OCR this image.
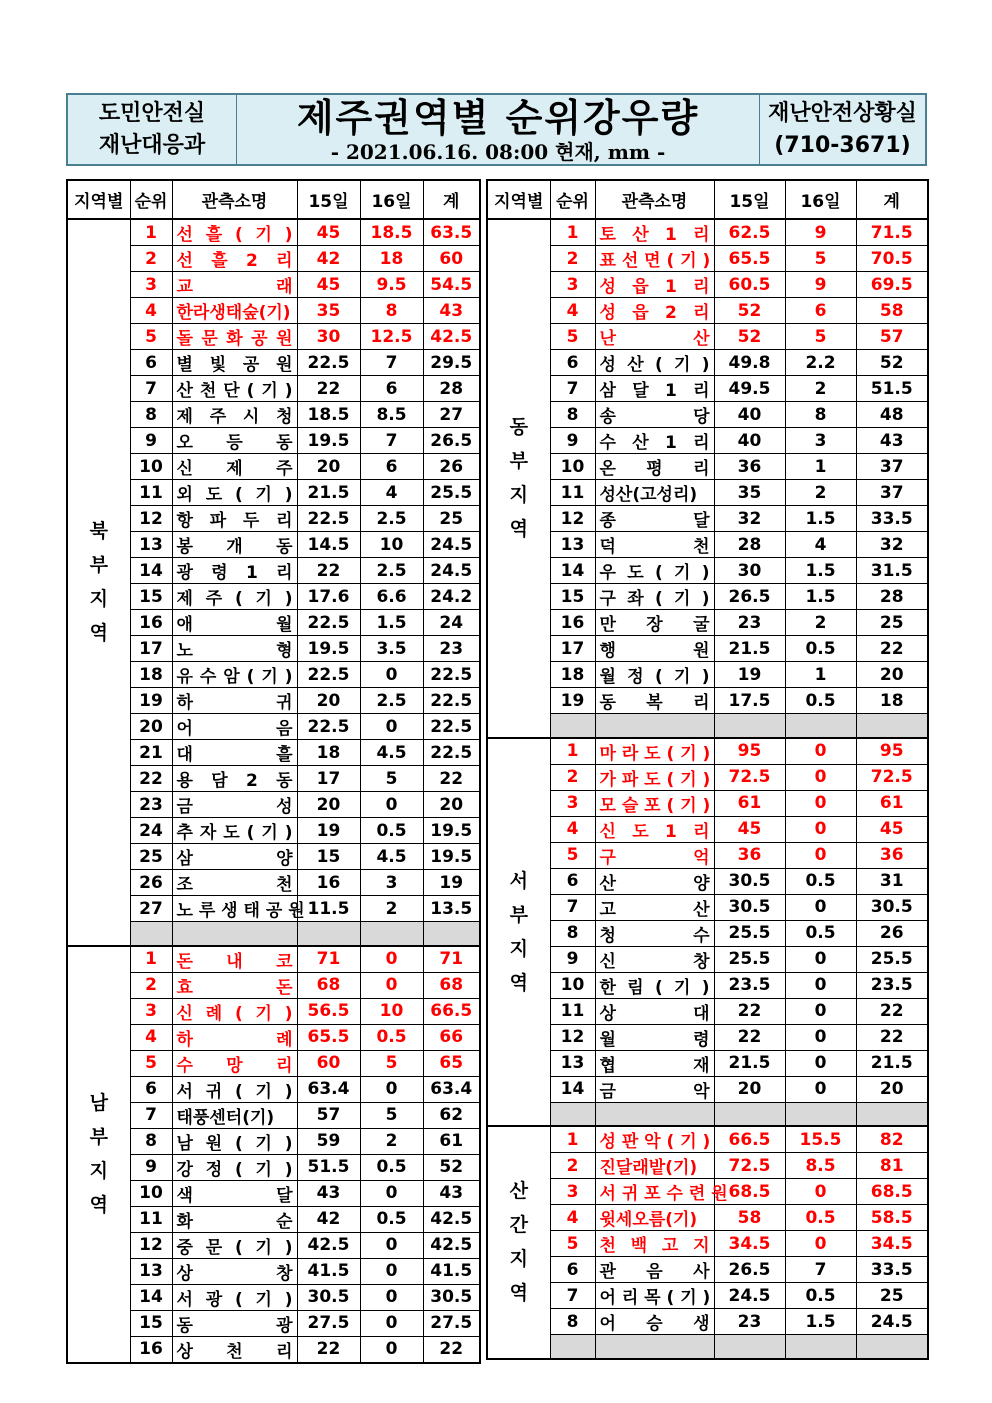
도민안전실
재난대응과
제주권역별 순위강우량
- 2021.06.16. 08:00 현재, mm -
재난안전상황실
(710-3671)
지역별	순위	관측소명	15일	16일	계

북
부
지
역	1	선 흘 ( 기 )	45	18.5	63.5
	2	선 흘 2 리	42	18	60
	3	교 래	45	9.5	54.5
	4	한라생태숲(기)	35	8	43
	5	돌 문 화 공 원	30	12.5	42.5
	6	별 빛 공 원	22.5	7	29.5
	7	산 천 단 ( 기 )	22	6	28
	8	제 주 시 청	18.5	8.5	27
	9	오 등 동	19.5	7	26.5
	10	신 제 주	20	6	26
	11	외 도 ( 기 )	21.5	4	25.5
	12	항 파 두 리	22.5	2.5	25
	13	봉 개 동	14.5	10	24.5
	14	광 령 1 리	22	2.5	24.5
	15	제 주 ( 기 )	17.6	6.6	24.2
	16	애 월	22.5	1.5	24
	17	노 형	19.5	3.5	23
	18	유 수 암 ( 기 )	22.5	0	22.5
	19	하 귀	20	2.5	22.5
	20	어 음	22.5	0	22.5
	21	대 흘	18	4.5	22.5
	22	용 담 2 동	17	5	22
	23	금 성	20	0	20
	24	추 자 도 ( 기 )	19	0.5	19.5
	25	삼 양	15	4.5	19.5
	26	조 천	16	3	19
	27	노 루 생 태 공 원	11.5	2	13.5

남
부
지
역	1	돈 내 코	71	0	71
	2	효 돈	68	0	68
	3	신 례 ( 기 )	56.5	10	66.5
	4	하 례	65.5	0.5	66
	5	수 망 리	60	5	65
	6	서 귀 ( 기 )	63.4	0	63.4
	7	태풍센터(기)	57	5	62
	8	남 원 ( 기 )	59	2	61
	9	강 정 ( 기 )	51.5	0.5	52
	10	색 달	43	0	43
	11	화 순	42	0.5	42.5
	12	중 문 ( 기 )	42.5	0	42.5
	13	상 창	41.5	0	41.5
	14	서 광 ( 기 )	30.5	0	30.5
	15	동 광	27.5	0	27.5
	16	상 천 리	22	0	22
지역별	순위	관측소명	15일	16일	계

동
부
지
역	1	토 산 1 리	62.5	9	71.5
	2	표 선 면 ( 기 )	65.5	5	70.5
	3	성 읍 1 리	60.5	9	69.5
	4	성 읍 2 리	52	6	58
	5	난 산	52	5	57
	6	성 산 ( 기 )	49.8	2.2	52
	7	삼 달 1 리	49.5	2	51.5
	8	송 당	40	8	48
	9	수 산 1 리	40	3	43
	10	온 평 리	36	1	37
	11	성산(고성리)	35	2	37
	12	종 달	32	1.5	33.5
	13	덕 천	28	4	32
	14	우 도 ( 기 )	30	1.5	31.5
	15	구 좌 ( 기 )	26.5	1.5	28
	16	만 장 굴	23	2	25
	17	행 원	21.5	0.5	22
	18	월 정 ( 기 )	19	1	20
	19	동 복 리	17.5	0.5	18

서
부
지
역	1	마 라 도 ( 기 )	95	0	95
	2	가 파 도 ( 기 )	72.5	0	72.5
	3	모 슬 포 ( 기 )	61	0	61
	4	신 도 1 리	45	0	45
	5	구 억	36	0	36
	6	산 양	30.5	0.5	31
	7	고 산	30.5	0	30.5
	8	청 수	25.5	0.5	26
	9	신 창	25.5	0	25.5
	10	한 림 ( 기 )	23.5	0	23.5
	11	상 대	22	0	22
	12	월 령	22	0	22
	13	협 재	21.5	0	21.5
	14	금 악	20	0	20

산
간
지
역	1	성 판 악 ( 기 )	66.5	15.5	82
	2	진달래밭(기)	72.5	8.5	81
	3	서 귀 포 수 련 원	68.5	0	68.5
	4	윗세오름(기)	58	0.5	58.5
	5	천 백 고 지	34.5	0	34.5
	6	관 음 사	26.5	7	33.5
	7	어 리 목 ( 기 )	24.5	0.5	25
	8	어 승 생	23	1.5	24.5
